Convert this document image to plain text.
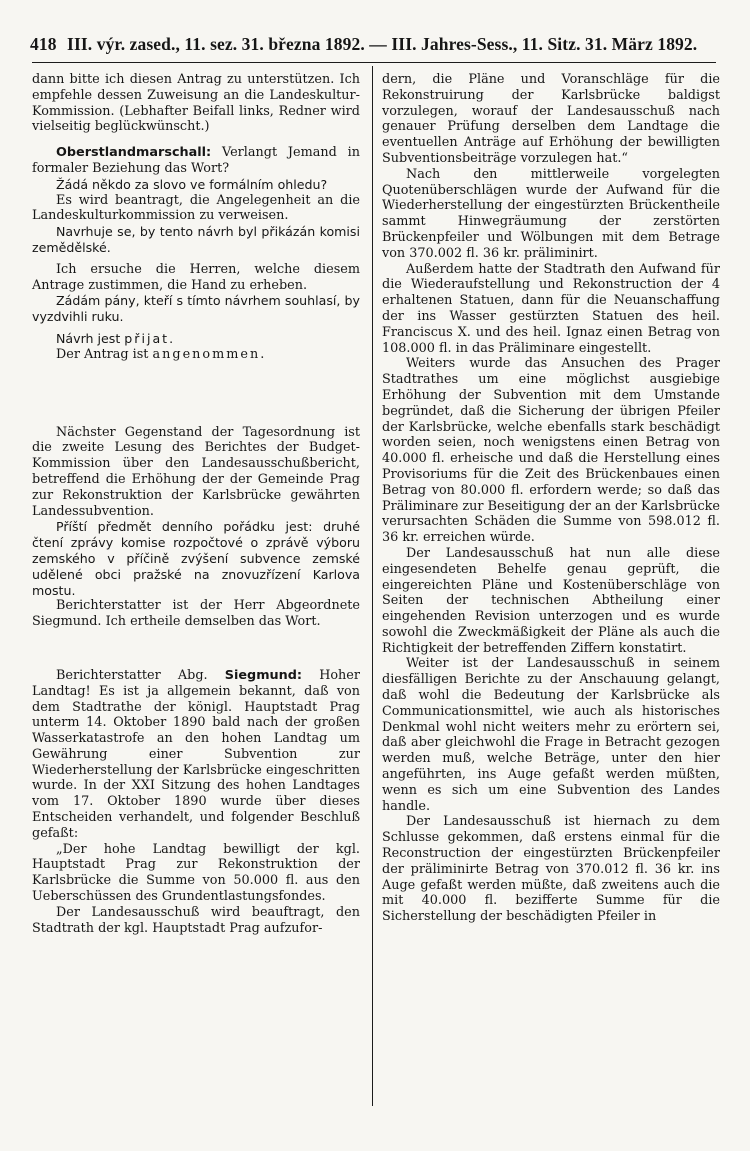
418 III. výr. zased., 11. sez. 31. března 1892. — III. Jahres-Sess., 11. Sitz. 31. März 1892.

dann bitte ich diesen Antrag zu unterstützen. Ich empfehle dessen Zuweisung an die Landeskultur-Kommission. (Lebhafter Beifall links, Redner wird vielseitig beglückwünscht.)

Oberstlandmarschall: Verlangt Jemand in formaler Beziehung das Wort?

Žádá někdo za slovo ve formálním ohledu?

Es wird beantragt, die Angelegenheit an die Landeskulturkommission zu verweisen.

Navrhuje se, by tento návrh byl přikázán komisi zemědělské.

Ich ersuche die Herren, welche diesem Antrage zustimmen, die Hand zu erheben.

Zádám pány, kteří s tímto návrhem souhlasí, by vyzdvihli ruku.

Návrh jest přijat.

Der Antrag ist angenommen.

Nächster Gegenstand der Tagesordnung ist die zweite Lesung des Berichtes der Budget-Kommission über den Landesausschußbericht, betreffend die Erhöhung der der Gemeinde Prag zur Rekonstruktion der Karlsbrücke gewährten Landessubvention.

Příští předmět denního pořádku jest: druhé čtení zprávy komise rozpočtové o zprávě výboru zemského v příčině zvýšení subvence zemské udělené obci pražské na znovuzřízení Karlova mostu.

Berichterstatter ist der Herr Abgeordnete Siegmund. Ich ertheile demselben das Wort.

Berichterstatter Abg. Siegmund: Hoher Landtag! Es ist ja allgemein bekannt, daß von dem Stadtrathe der königl. Hauptstadt Prag unterm 14. Oktober 1890 bald nach der großen Wasserkatastrofe an den hohen Landtag um Gewährung einer Subvention zur Wiederherstellung der Karlsbrücke eingeschritten wurde. In der XXI Sitzung des hohen Landtages vom 17. Oktober 1890 wurde über dieses Entscheiden verhandelt, und folgender Beschluß gefaßt:

„Der hohe Landtag bewilligt der kgl. Hauptstadt Prag zur Rekonstruktion der Karlsbrücke die Summe von 50.000 fl. aus den Ueberschüssen des Grundentlastungsfondes.

Der Landesausschuß wird beauftragt, den Stadtrath der kgl. Hauptstadt Prag aufzufor-

dern, die Pläne und Voranschläge für die Rekonstruirung der Karlsbrücke baldigst vorzulegen, worauf der Landesausschuß nach genauer Prüfung derselben dem Landtage die eventuellen Anträge auf Erhöhung der bewilligten Subventionsbeiträge vorzulegen hat.“

Nach den mittlerweile vorgelegten Quotenüberschlägen wurde der Aufwand für die Wiederherstellung der eingestürzten Brückentheile sammt Hinwegräumung der zerstörten Brückenpfeiler und Wölbungen mit dem Betrage von 370.002 fl. 36 kr. präliminirt.

Außerdem hatte der Stadtrath den Aufwand für die Wiederaufstellung und Rekonstruction der 4 erhaltenen Statuen, dann für die Neuanschaffung der ins Wasser gestürzten Statuen des heil. Franciscus X. und des heil. Ignaz einen Betrag von 108.000 fl. in das Präliminare eingestellt.

Weiters wurde das Ansuchen des Prager Stadtrathes um eine möglichst ausgiebige Erhöhung der Subvention mit dem Umstande begründet, daß die Sicherung der übrigen Pfeiler der Karlsbrücke, welche ebenfalls stark beschädigt worden seien, noch wenigstens einen Betrag von 40.000 fl. erheische und daß die Herstellung eines Provisoriums für die Zeit des Brückenbaues einen Betrag von 80.000 fl. erfordern werde; so daß das Präliminare zur Beseitigung der an der Karlsbrücke verursachten Schäden die Summe von 598.012 fl. 36 kr. erreichen würde.

Der Landesausschuß hat nun alle diese eingesendeten Behelfe genau geprüft, die eingereichten Pläne und Kostenüberschläge von Seiten der technischen Abtheilung einer eingehenden Revision unterzogen und es wurde sowohl die Zweckmäßigkeit der Pläne als auch die Richtigkeit der betreffenden Ziffern konstatirt.

Weiter ist der Landesausschuß in seinem diesfälligen Berichte zu der Anschauung gelangt, daß wohl die Bedeutung der Karlsbrücke als Communicationsmittel, wie auch als historisches Denkmal wohl nicht weiters mehr zu erörtern sei, daß aber gleichwohl die Frage in Betracht gezogen werden muß, welche Beträge, unter den hier angeführten, ins Auge gefaßt werden müßten, wenn es sich um eine Subvention des Landes handle.

Der Landesausschuß ist hiernach zu dem Schlusse gekommen, daß erstens einmal für die Reconstruction der eingestürzten Brückenpfeiler der präliminirte Betrag von 370.012 fl. 36 kr. ins Auge gefaßt werden müßte, daß zweitens auch die mit 40.000 fl. bezifferte Summe für die Sicherstellung der beschädigten Pfeiler in
